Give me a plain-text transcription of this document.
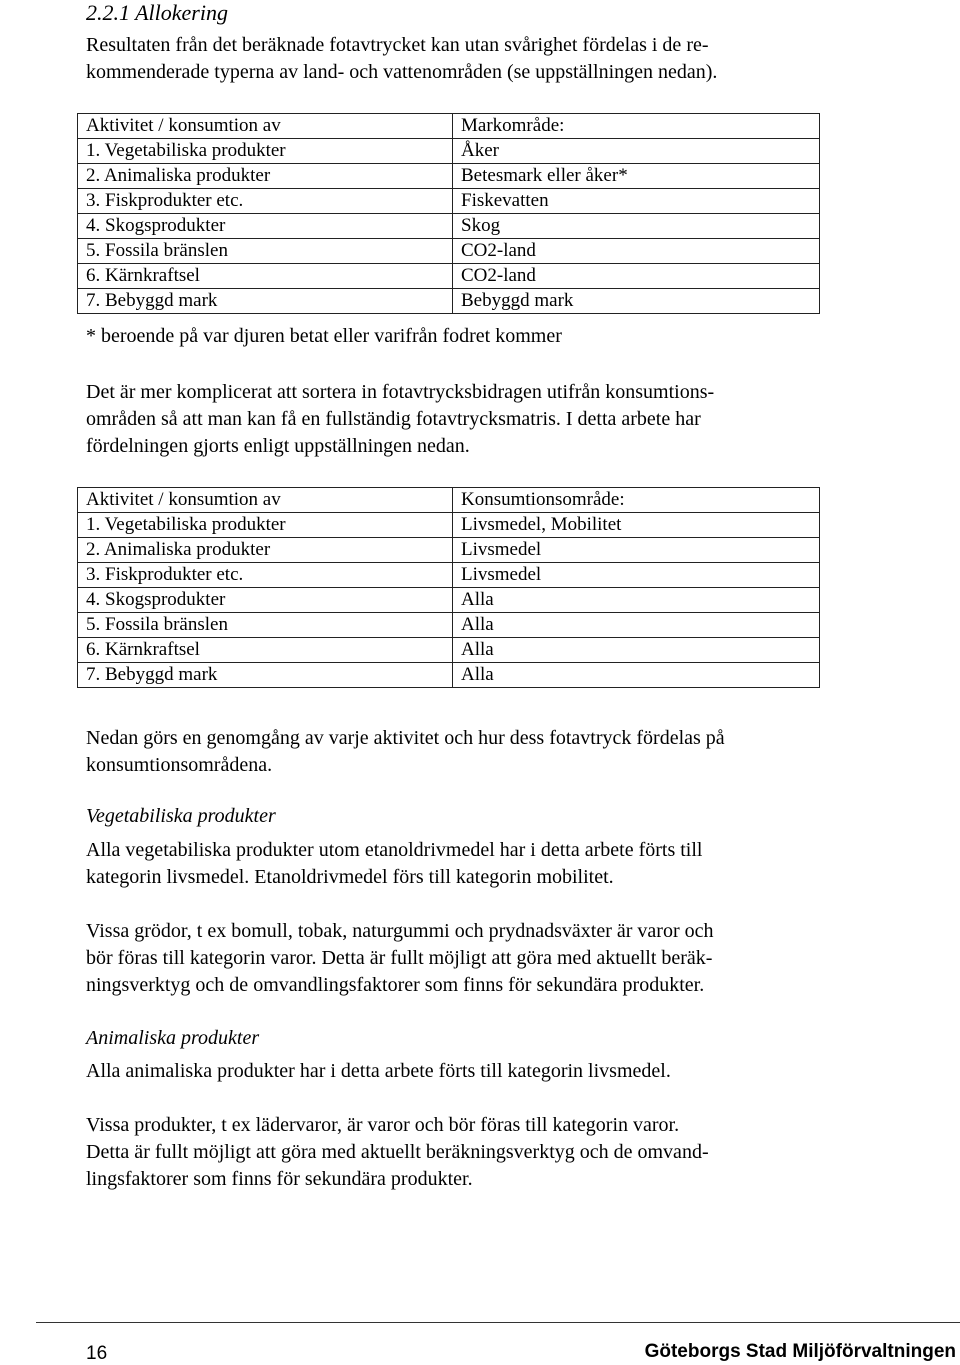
2.2.1 Allokering

Resultaten från det beräknade fotavtrycket kan utan svårighet fördelas i de re-

kommenderade typerna av land- och vattenområden (se uppställningen nedan).

Aktivitet / konsumtion av	Markområde:
1. Vegetabiliska produkter	Åker
2. Animaliska produkter	Betesmark eller åker*
3. Fiskprodukter etc.	Fiskevatten
4. Skogsprodukter	Skog
5. Fossila bränslen	CO2-land
6. Kärnkraftsel	CO2-land
7. Bebyggd mark	Bebyggd mark
* beroende på var djuren betat eller varifrån fodret kommer

Det är mer komplicerat att sortera in fotavtrycksbidragen utifrån konsumtions-

områden så att man kan få en fullständig fotavtrycksmatris. I detta arbete har

fördelningen gjorts enligt uppställningen nedan.

Aktivitet / konsumtion av	Konsumtionsområde:
1. Vegetabiliska produkter	Livsmedel, Mobilitet
2. Animaliska produkter	Livsmedel
3. Fiskprodukter etc.	Livsmedel
4. Skogsprodukter	Alla
5. Fossila bränslen	Alla
6. Kärnkraftsel	Alla
7. Bebyggd mark	Alla

Nedan görs en genomgång av varje aktivitet och hur dess fotavtryck fördelas på

konsumtionsområdena.

Vegetabiliska produkter

Alla vegetabiliska produkter utom etanoldrivmedel har i detta arbete förts till

kategorin livsmedel. Etanoldrivmedel förs till kategorin mobilitet.

Vissa grödor, t ex bomull, tobak, naturgummi och prydnadsväxter är varor och

bör föras till kategorin varor. Detta är fullt möjligt att göra med aktuellt beräk-

ningsverktyg och de omvandlingsfaktorer som finns för sekundära produkter.

Animaliska produkter

Alla animaliska produkter har i detta arbete förts till kategorin livsmedel.

Vissa produkter, t ex lädervaror, är varor och bör föras till kategorin varor.

Detta är fullt möjligt att göra med aktuellt beräkningsverktyg och de omvand-

lingsfaktorer som finns för sekundära produkter.

16	Göteborgs Stad Miljöförvaltningen
